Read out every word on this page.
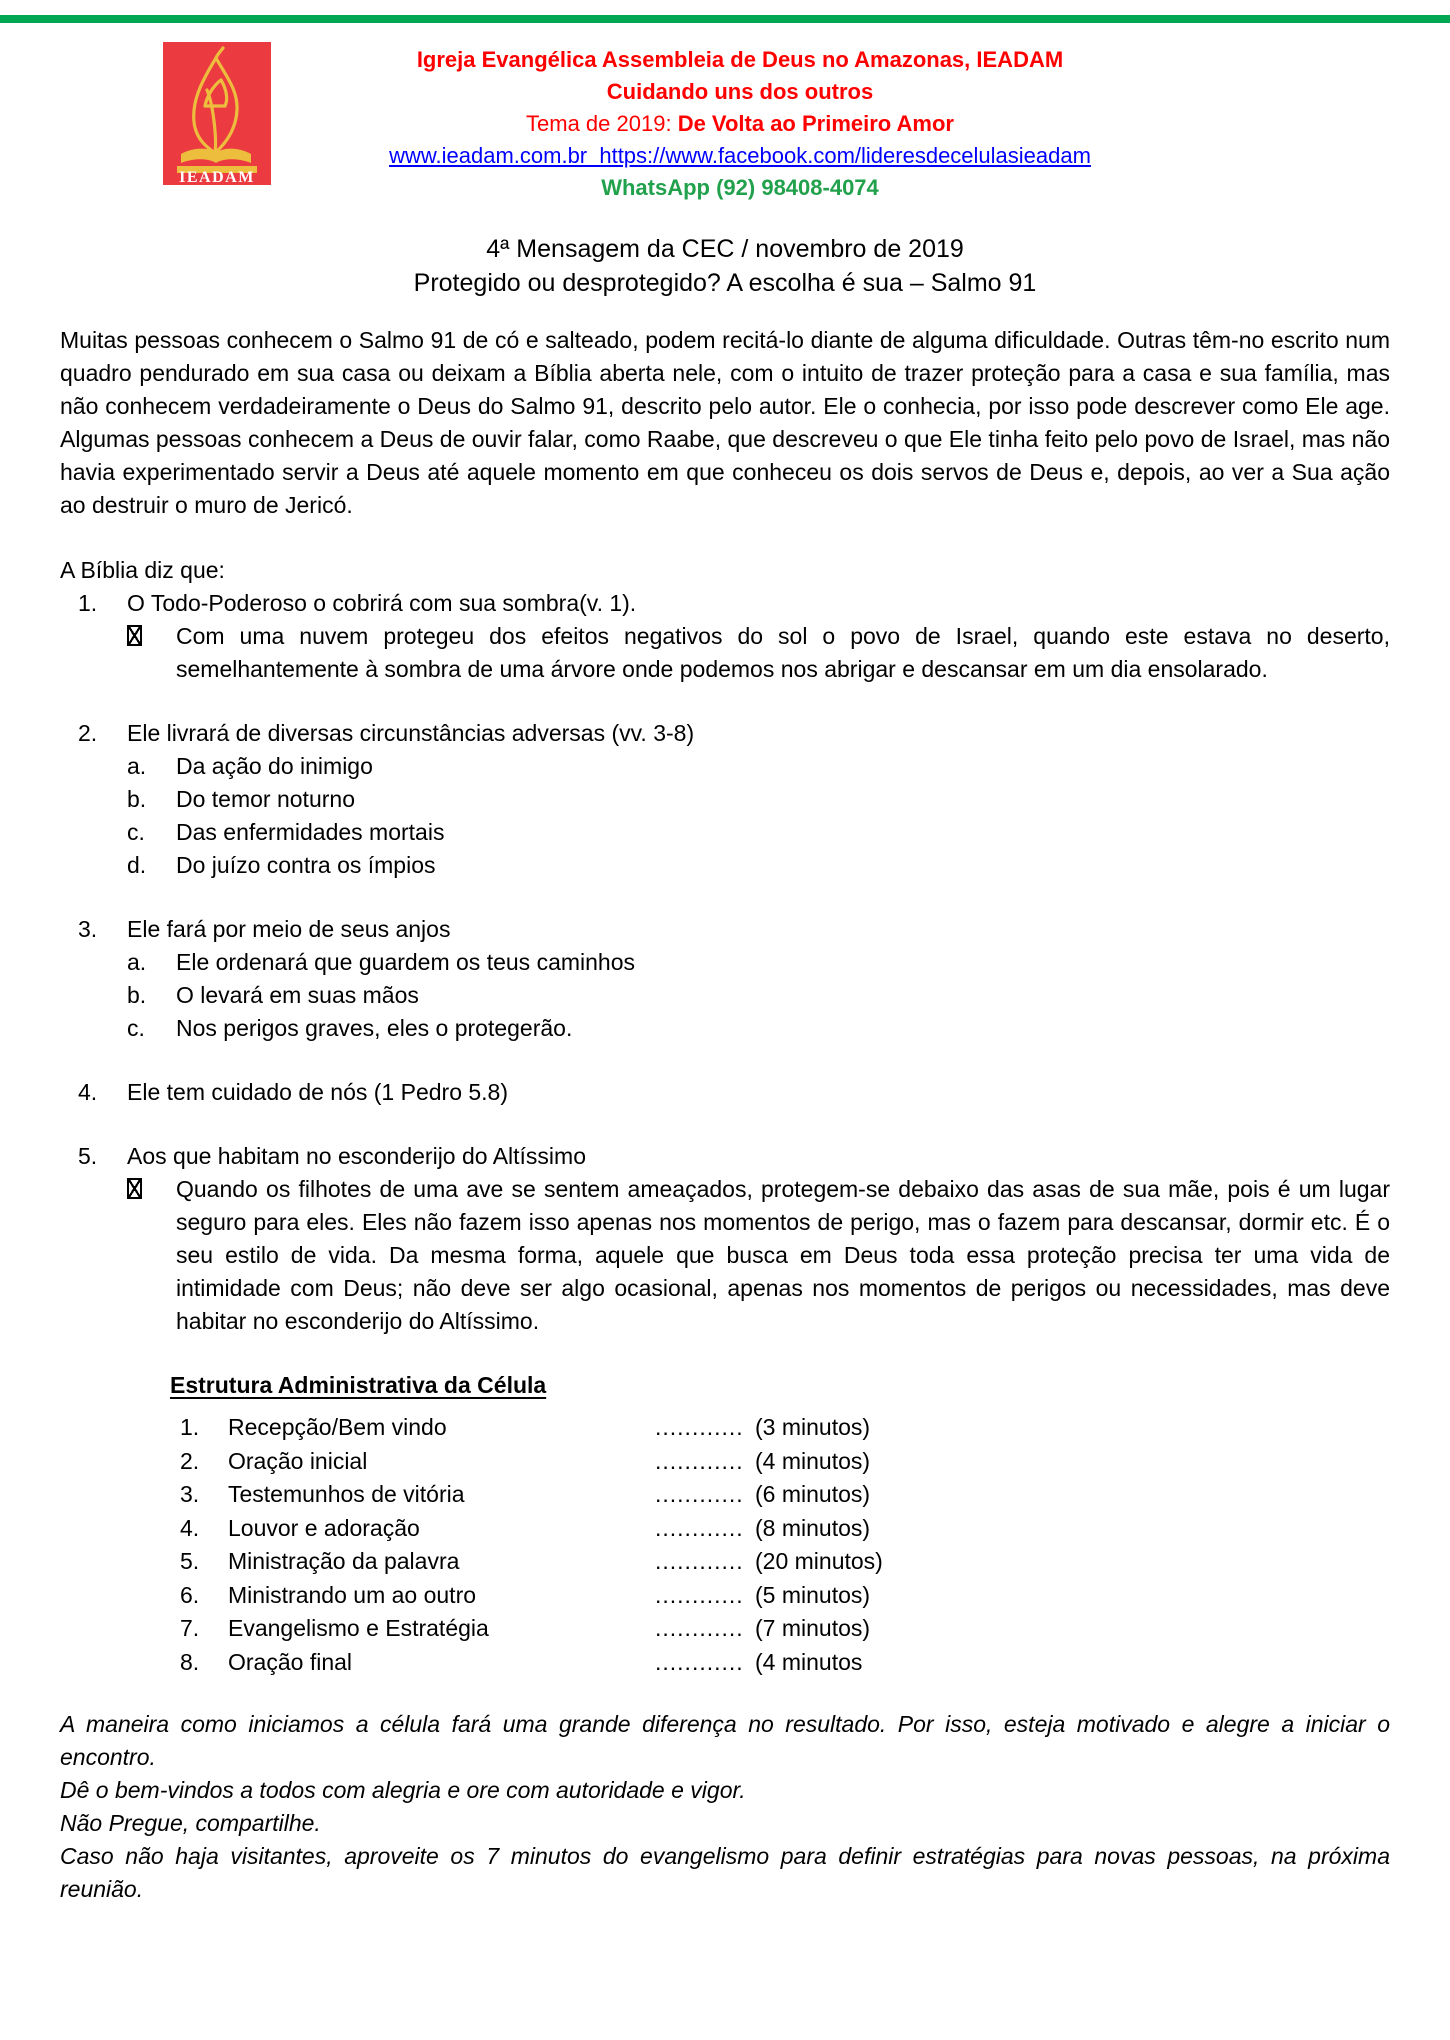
IEADAM
Igreja Evangélica Assembleia de Deus no Amazonas, IEADAM
Cuidando uns dos outros
Tema de 2019: De Volta ao Primeiro Amor
www.ieadam.com.br  https://www.facebook.com/lideresdecelulasieadam
WhatsApp (92) 98408-4074
4ª Mensagem da CEC / novembro de 2019
Protegido ou desprotegido? A escolha é sua – Salmo 91

Muitas pessoas conhecem o Salmo 91 de có e salteado, podem recitá-lo diante de alguma dificuldade. Outras têm-no escrito num quadro pendurado em sua casa ou deixam a Bíblia aberta nele, com o intuito de trazer proteção para a casa e sua família, mas não conhecem verdadeiramente o Deus do Salmo 91, descrito pelo autor. Ele o conhecia, por isso pode descrever como Ele age. Algumas pessoas conhecem a Deus de ouvir falar, como Raabe, que descreveu o que Ele tinha feito pelo povo de Israel, mas não havia experimentado servir a Deus até aquele momento em que conheceu os dois servos de Deus e, depois, ao ver a Sua ação ao destruir o muro de Jericó.

A Bíblia diz que:
1.	O Todo-Poderoso o cobrirá com sua sombra(v. 1).
Com uma nuvem protegeu dos efeitos negativos do sol o povo de Israel, quando este estava no deserto, semelhantemente à sombra de uma árvore onde podemos nos abrigar e descansar em um dia ensolarado.
2.	Ele livrará de diversas circunstâncias adversas (vv. 3-8)
a.	Da ação do inimigo
b.	Do temor noturno
c.	Das enfermidades mortais
d.	Do juízo contra os ímpios
3.	Ele fará por meio de seus anjos
a.	Ele ordenará que guardem os teus caminhos
b.	O levará em suas mãos
c.	Nos perigos graves, eles o protegerão.
4.	Ele tem cuidado de nós (1 Pedro 5.8)
5.	Aos que habitam no esconderijo do Altíssimo
Quando os filhotes de uma ave se sentem ameaçados, protegem-se debaixo das asas de sua mãe, pois é um lugar seguro para eles. Eles não fazem isso apenas nos momentos de perigo, mas o fazem para descansar, dormir etc. É o seu estilo de vida. Da mesma forma, aquele que busca em Deus toda essa proteção precisa ter uma vida de intimidade com Deus; não deve ser algo ocasional, apenas nos momentos de perigos ou necessidades, mas deve habitar no esconderijo do Altíssimo.
Estrutura Administrativa da Célula
1.	Recepção/Bem vindo	............ (3 minutos)
2.	Oração inicial	............ (4 minutos)
3.	Testemunhos de vitória	............ (6 minutos)
4.	Louvor e adoração	............ (8 minutos)
5.	Ministração da palavra	............ (20 minutos)
6.	Ministrando um ao outro	............ (5 minutos)
7.	Evangelismo e Estratégia	............ (7 minutos)
8.	Oração final	............ (4 minutos

A maneira como iniciamos a célula fará uma grande diferença no resultado. Por isso, esteja motivado e alegre a iniciar o encontro.

Dê o bem-vindos a todos com alegria e ore com autoridade e vigor.

Não Pregue, compartilhe.

Caso não haja visitantes, aproveite os 7 minutos do evangelismo para definir estratégias para novas pessoas, na próxima reunião.
